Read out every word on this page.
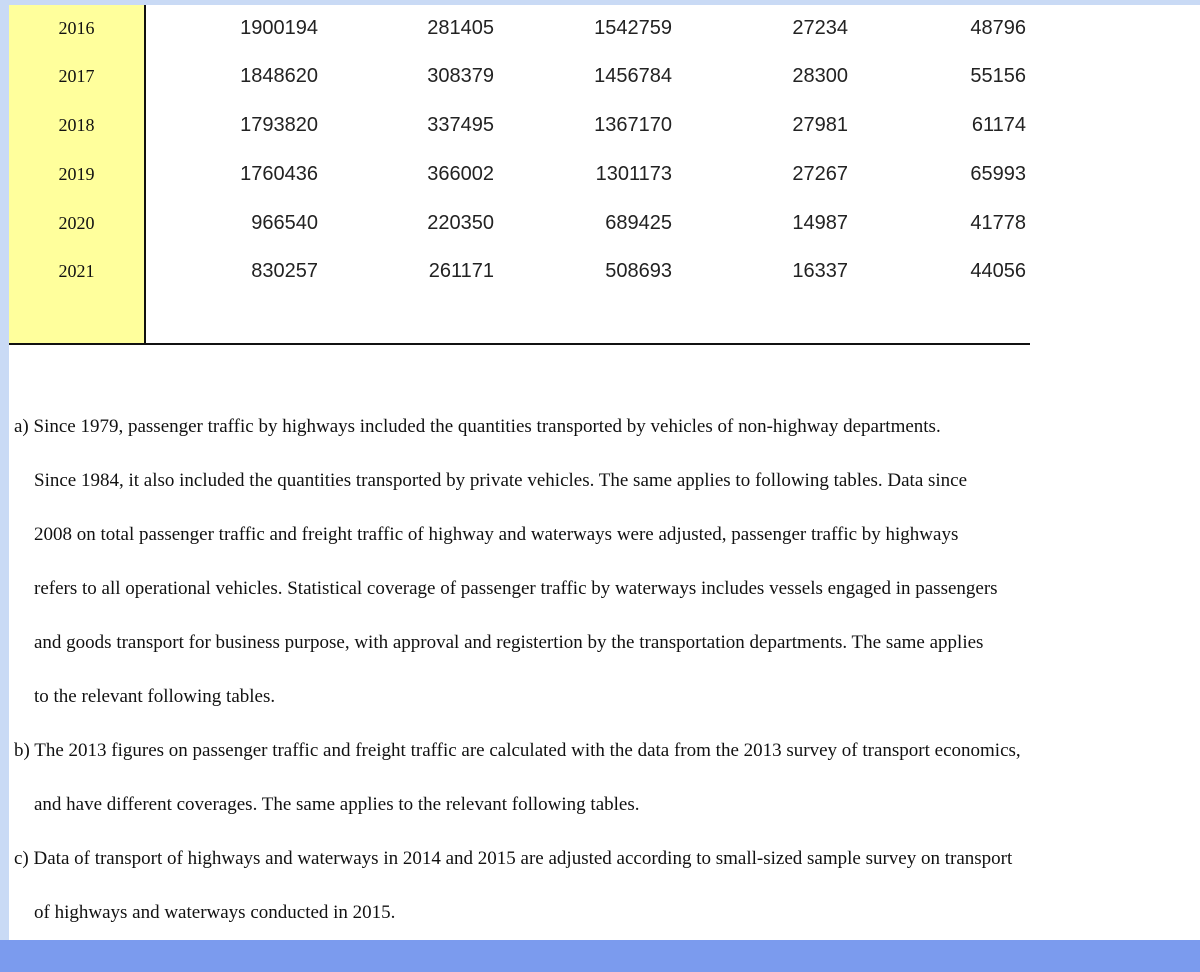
2016	1900194	281405	1542759	27234	48796
2017	1848620	308379	1456784	28300	55156
2018	1793820	337495	1367170	27981	61174
2019	1760436	366002	1301173	27267	65993
2020	966540	220350	689425	14987	41778
2021	830257	261171	508693	16337	44056
a) Since 1979, passenger traffic by highways included the quantities transported by vehicles of non-highway departments.
Since 1984, it also included the quantities transported by private vehicles. The same applies to following tables. Data since
2008 on total passenger traffic and freight traffic of highway and waterways were adjusted, passenger traffic by highways
refers to all operational vehicles. Statistical coverage of passenger traffic by waterways includes vessels engaged in passengers
and goods transport for business purpose, with approval and registertion by the transportation departments. The same applies
to the relevant following tables.
b) The 2013 figures on passenger traffic and freight traffic are calculated with the data from the 2013 survey of transport economics,
and have different coverages. The same applies to the relevant following tables.
c) Data of transport of highways and waterways in 2014 and 2015 are adjusted according to small-sized sample survey on transport
of highways and waterways conducted in 2015.
